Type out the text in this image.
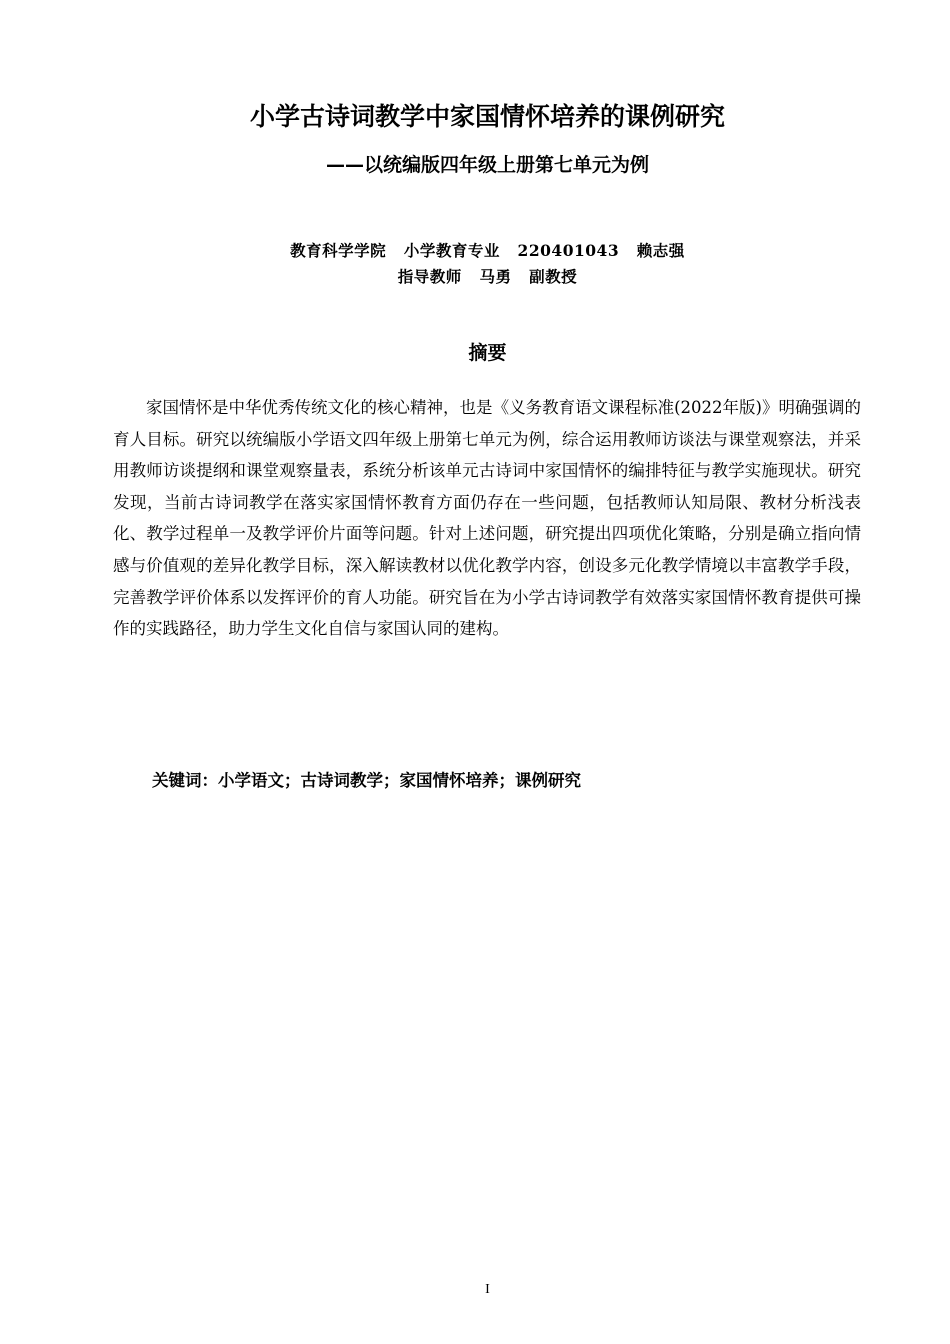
小学古诗词教学中家国情怀培养的课例研究
——以统编版四年级上册第七单元为例

教育科学学院   小学教育专业   220401043   赖志强

指导教师   马勇   副教授

摘要

家国情怀是中华优秀传统文化的核心精神，也是《义务教育语文课程标准(2022年版)》明确强调的育人目标。研究以统编版小学语文四年级上册第七单元为例，综合运用教师访谈法与课堂观察法，并采用教师访谈提纲和课堂观察量表，系统分析该单元古诗词中家国情怀的编排特征与教学实施现状。研究发现，当前古诗词教学在落实家国情怀教育方面仍存在一些问题，包括教师认知局限、教材分析浅表化、教学过程单一及教学评价片面等问题。针对上述问题，研究提出四项优化策略，分别是确立指向情感与价值观的差异化教学目标，深入解读教材以优化教学内容，创设多元化教学情境以丰富教学手段，完善教学评价体系以发挥评价的育人功能。研究旨在为小学古诗词教学有效落实家国情怀教育提供可操作的实践路径，助力学生文化自信与家国认同的建构。

关键词：小学语文；古诗词教学；家国情怀培养；课例研究

I
